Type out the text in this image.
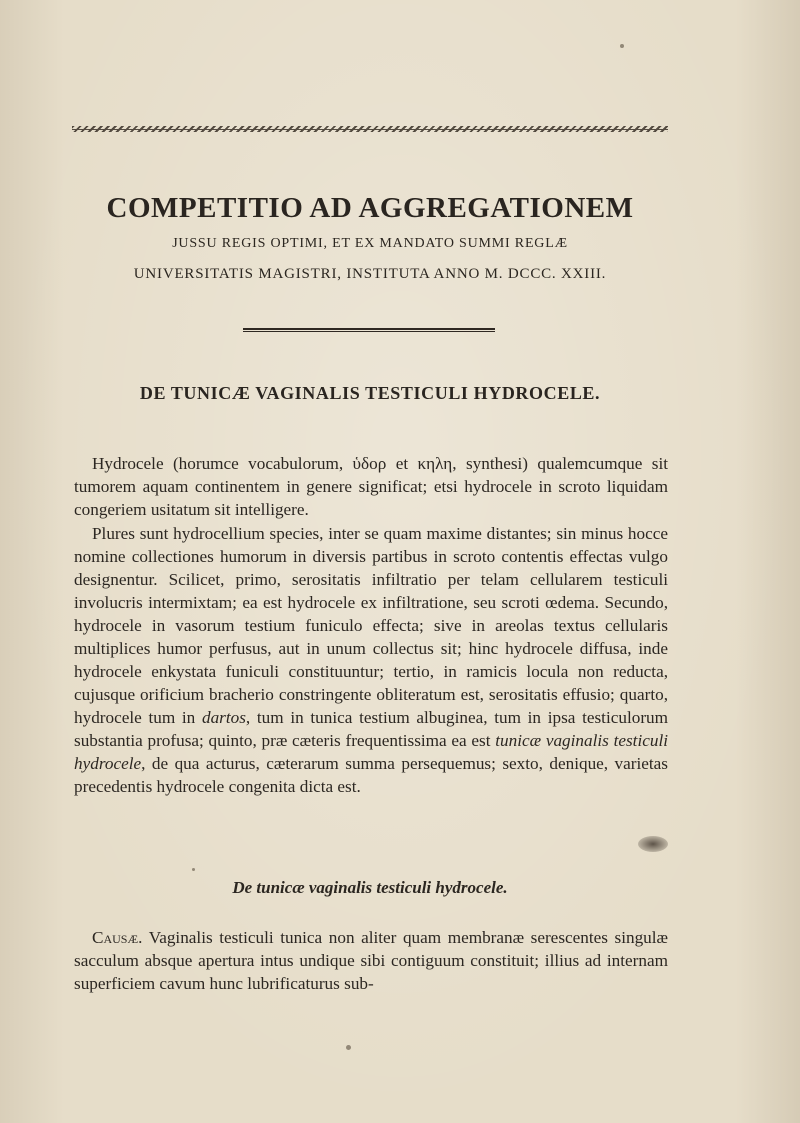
COMPETITIO AD AGGREGATIONEM

JUSSU REGIS OPTIMI, ET EX MANDATO SUMMI REGLÆ

UNIVERSITATIS MAGISTRI, INSTITUTA ANNO M. DCCC. XXIII.

DE TUNICÆ VAGINALIS TESTICULI HYDROCELE.

Hydrocele (horumce vocabulorum, ὑδορ et κηλη, synthesi) qualemcumque sit tumorem aquam continentem in genere significat; etsi hydrocele in scroto liquidam congeriem usitatum sit intelligere.

Plures sunt hydrocellium species, inter se quam maxime distantes; sin minus hocce nomine collectiones humorum in diversis partibus in scroto contentis effectas vulgo designentur. Scilicet, primo, serositatis infiltratio per telam cellularem testiculi involucris intermixtam; ea est hydrocele ex infiltratione, seu scroti œdema. Secundo, hydrocele in vasorum testium funiculo effecta; sive in areolas textus cellularis multiplices humor perfusus, aut in unum collectus sit; hinc hydrocele diffusa, inde hydrocele enkystata funiculi constituuntur; tertio, in ramicis locula non reducta, cujusque orificium bracherio constringente obliteratum est, serositatis effusio; quarto, hydrocele tum in dartos, tum in tunica testium albuginea, tum in ipsa testiculorum substantia profusa; quinto, præ cæteris frequentissima ea est tunicæ vaginalis testiculi hydrocele, de qua acturus, cæterarum summa persequemus; sexto, denique, varietas precedentis hydrocele congenita dicta est.

De tunicæ vaginalis testiculi hydrocele.

Causæ. Vaginalis testiculi tunica non aliter quam membranæ serescentes singulæ sacculum absque apertura intus undique sibi contiguum constituit; illius ad internam superficiem cavum hunc lubrificaturus sub-
